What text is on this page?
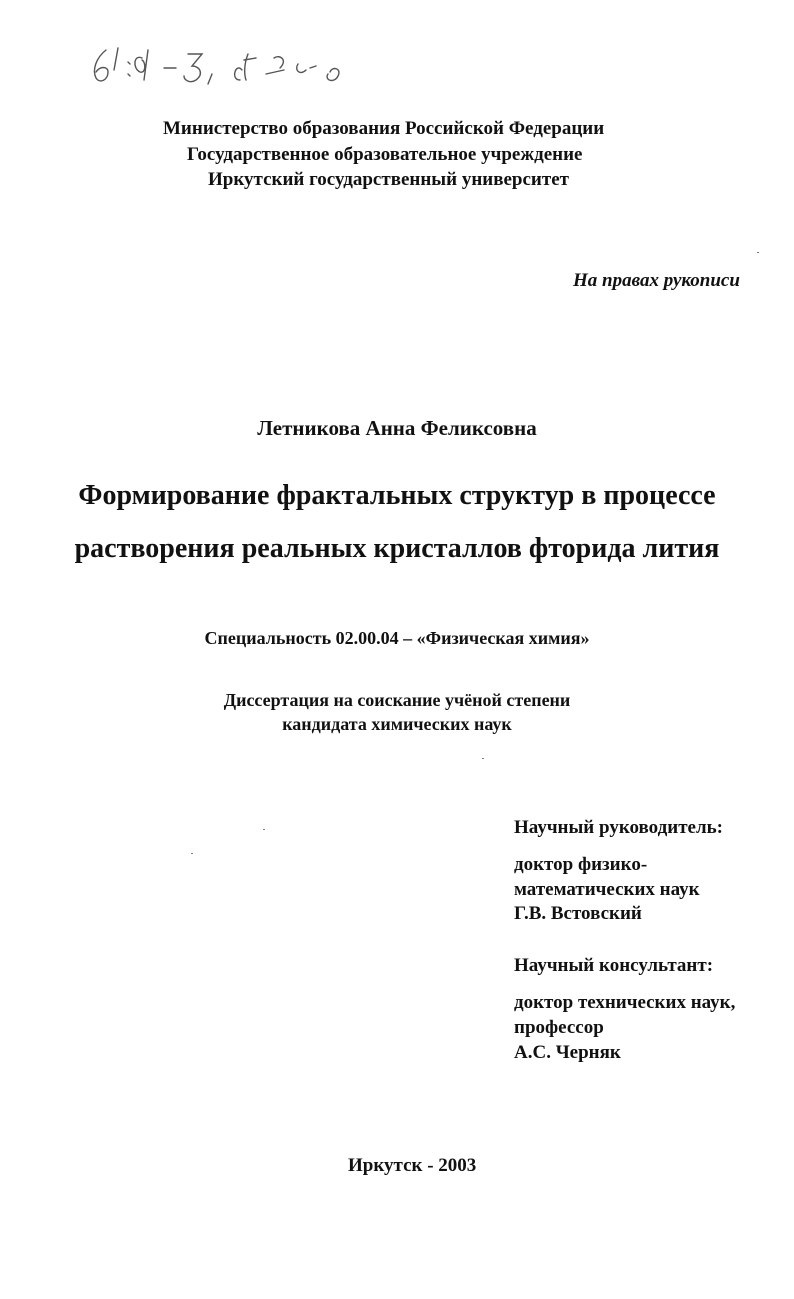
Министерство образования Российской Федерации
Государственное образовательное учреждение
Иркутский государственный университет
На правах рукописи
Летникова Анна Феликсовна
Формирование фрактальных структур в процессе
растворения реальных кристаллов фторида лития
Специальность 02.00.04 – «Физическая химия»
Диссертация на соискание учёной степени
кандидата химических наук
Научный руководитель:
доктор физико-
математических наук
Г.В. Встовский
Научный консультант:
доктор технических наук,
профессор
А.С. Черняк
Иркутск - 2003
